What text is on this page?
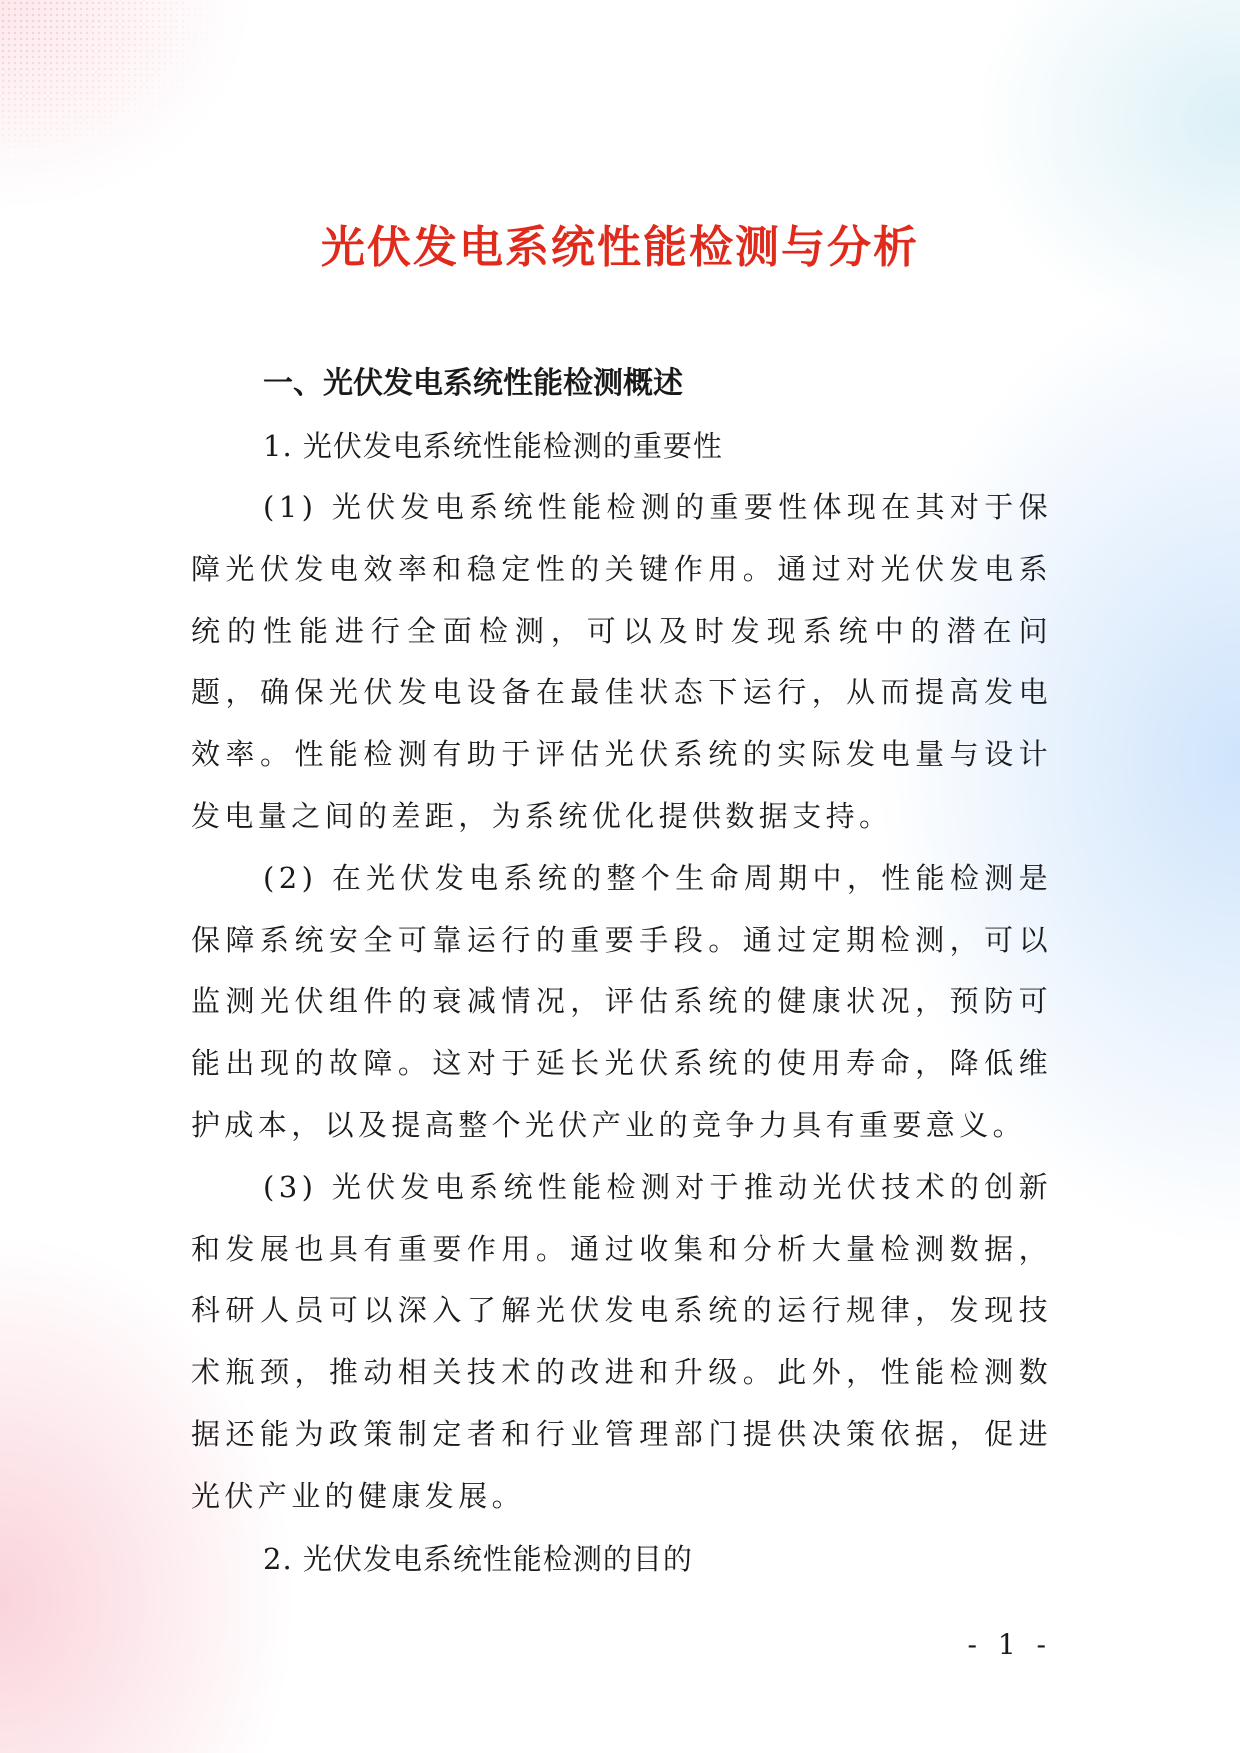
光伏发电系统性能检测与分析
一、光伏发电系统性能检测概述
1. 光伏发电系统性能检测的重要性

(1) 光伏发电系统性能检测的重要性体现在其对于保障光伏发电效率和稳定性的关键作用。通过对光伏发电系统的性能进行全面检测，可以及时发现系统中的潜在问题，确保光伏发电设备在最佳状态下运行，从而提高发电效率。性能检测有助于评估光伏系统的实际发电量与设计发电量之间的差距，为系统优化提供数据支持。

(2) 在光伏发电系统的整个生命周期中，性能检测是保障系统安全可靠运行的重要手段。通过定期检测，可以监测光伏组件的衰减情况，评估系统的健康状况，预防可能出现的故障。这对于延长光伏系统的使用寿命，降低维护成本，以及提高整个光伏产业的竞争力具有重要意义。

(3) 光伏发电系统性能检测对于推动光伏技术的创新和发展也具有重要作用。通过收集和分析大量检测数据，科研人员可以深入了解光伏发电系统的运行规律，发现技术瓶颈，推动相关技术的改进和升级。此外，性能检测数据还能为政策制定者和行业管理部门提供决策依据，促进光伏产业的健康发展。

2. 光伏发电系统性能检测的目的
- 1 -
